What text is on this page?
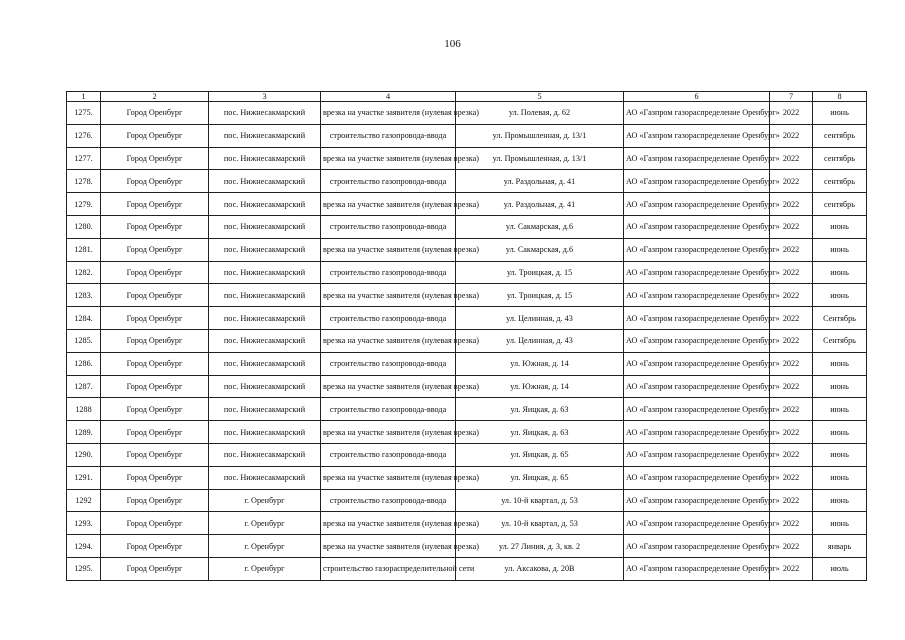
106
1	2	3	4	5	6	7	8
1275.	Город Оренбург	пос. Нижнесакмарский	врезка на участке заявителя (нулевая врезка)	ул. Полевая, д. 62	АО «Газпром газораспределение Оренбург»	2022	июнь
1276.	Город Оренбург	пос. Нижнесакмарский	строительство газопровода-ввода	ул. Промышленная, д. 13/1	АО «Газпром газораспределение Оренбург»	2022	сентябрь
1277.	Город Оренбург	пос. Нижнесакмарский	врезка на участке заявителя (нулевая врезка)	ул. Промышленная, д. 13/1	АО «Газпром газораспределение Оренбург»	2022	сентябрь
1278.	Город Оренбург	пос. Нижнесакмарский	строительство газопровода-ввода	ул. Раздольная, д. 41	АО «Газпром газораспределение Оренбург»	2022	сентябрь
1279.	Город Оренбург	пос. Нижнесакмарский	врезка на участке заявителя (нулевая врезка)	ул. Раздольная, д. 41	АО «Газпром газораспределение Оренбург»	2022	сентябрь
1280.	Город Оренбург	пос. Нижнесакмарский	строительство газопровода-ввода	ул. Сакмарская, д.6	АО «Газпром газораспределение Оренбург»	2022	июнь
1281.	Город Оренбург	пос. Нижнесакмарский	врезка на участке заявителя (нулевая врезка)	ул. Сакмарская, д.6	АО «Газпром газораспределение Оренбург»	2022	июнь
1282.	Город Оренбург	пос. Нижнесакмарский	строительство газопровода-ввода	ул. Троицкая, д. 15	АО «Газпром газораспределение Оренбург»	2022	июнь
1283.	Город Оренбург	пос. Нижнесакмарский	врезка на участке заявителя (нулевая врезка)	ул. Троицкая, д. 15	АО «Газпром газораспределение Оренбург»	2022	июнь
1284.	Город Оренбург	пос. Нижнесакмарский	строительство газопровода-ввода	ул. Целинная, д. 43	АО «Газпром газораспределение Оренбург»	2022	Сентябрь
1285.	Город Оренбург	пос. Нижнесакмарский	врезка на участке заявителя (нулевая врезка)	ул. Целинная, д. 43	АО «Газпром газораспределение Оренбург»	2022	Сентябрь
1286.	Город Оренбург	пос. Нижнесакмарский	строительство газопровода-ввода	ул. Южная, д. 14	АО «Газпром газораспределение Оренбург»	2022	июнь
1287.	Город Оренбург	пос. Нижнесакмарский	врезка на участке заявителя (нулевая врезка)	ул. Южная, д. 14	АО «Газпром газораспределение Оренбург»	2022	июнь
1288	Город Оренбург	пос. Нижнесакмарский	строительство газопровода-ввода	ул. Яицкая, д. 63	АО «Газпром газораспределение Оренбург»	2022	июнь
1289.	Город Оренбург	пос. Нижнесакмарский	врезка на участке заявителя (нулевая врезка)	ул. Яицкая, д. 63	АО «Газпром газораспределение Оренбург»	2022	июнь
1290.	Город Оренбург	пос. Нижнесакмарский	строительство газопровода-ввода	ул. Яицкая, д. 65	АО «Газпром газораспределение Оренбург»	2022	июнь
1291.	Город Оренбург	пос. Нижнесакмарский	врезка на участке заявителя (нулевая врезка)	ул. Яицкая, д. 65	АО «Газпром газораспределение Оренбург»	2022	июнь
1292	Город Оренбург	г. Оренбург	строительство газопровода-ввода	ул. 10-й квартал, д. 53	АО «Газпром газораспределение Оренбург»	2022	июнь
1293.	Город Оренбург	г. Оренбург	врезка на участке заявителя (нулевая врезка)	ул. 10-й квартал, д. 53	АО «Газпром газораспределение Оренбург»	2022	июнь
1294.	Город Оренбург	г. Оренбург	врезка на участке заявителя (нулевая врезка)	ул. 27 Линия, д. 3, кв. 2	АО «Газпром газораспределение Оренбург»	2022	январь
1295.	Город Оренбург	г. Оренбург	строительство газораспределительной сети	ул. Аксакова, д. 20В	АО «Газпром газораспределение Оренбург»	2022	июль
